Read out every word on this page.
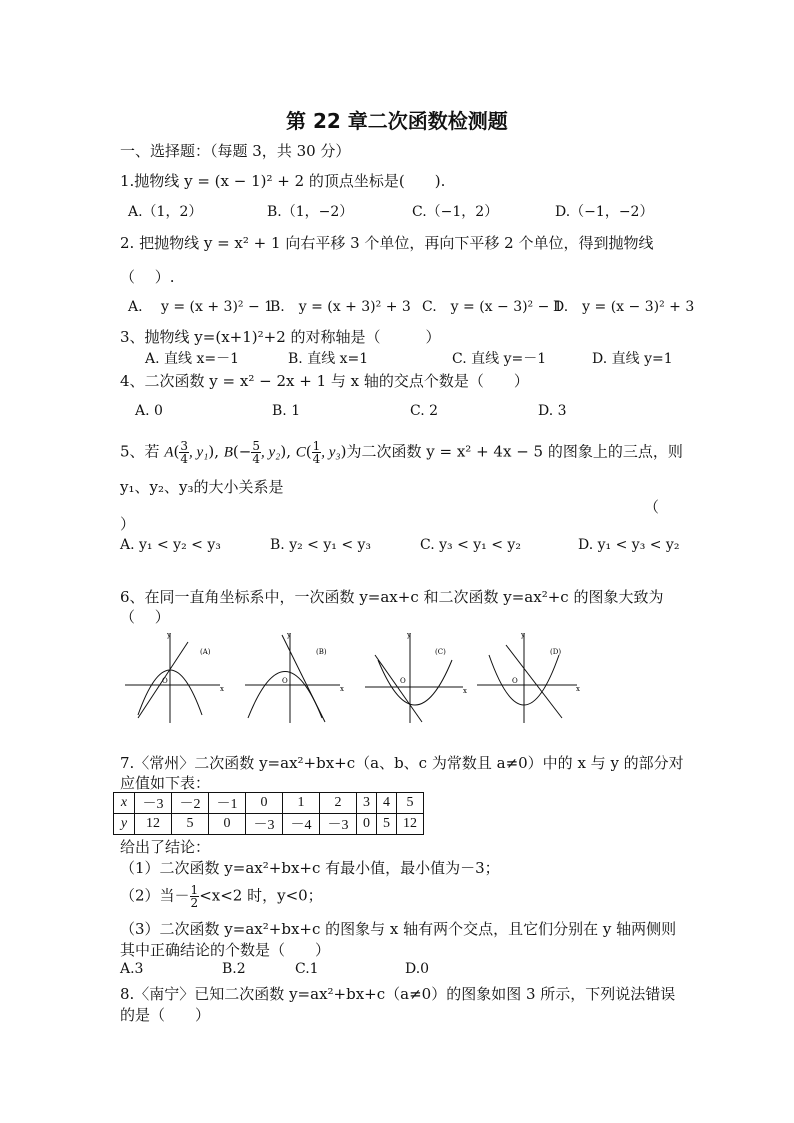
第 22 章二次函数检测题
一、选择题：（每题 3，共 30 分）
1.抛物线 y = (x − 1)² + 2 的顶点坐标是(　　).
A.（1，2）	B.（1，−2）	C.（−1，2）	D.（−1，−2）
2. 把抛物线 y = x² + 1 向右平移 3 个单位，再向下平移 2 个单位，得到抛物线
（　 ）.
A.　 y = (x + 3)² − 1
B.　y = (x + 3)² + 3 C.　y = (x − 3)² − 1
D.　y = (x − 3)² + 3
3、抛物线 y=(x+1)²+2 的对称轴是（　　　）
A. 直线 x=－1	B. 直线 x=1	C. 直线 y=－1	D. 直线 y=1
4、二次函数 y = x² − 2x + 1 与 x 轴的交点个数是（　　）
A. 0	B. 1	C. 2	D. 3
5、若 $A( \frac{3}{4}$ , y₁), $B(- \frac{5}{4}$ , y₂), $C( \frac{1}{4}$ , y₃)为二次函数 y = x² + 4x − 5 的图象上的三点，则
y₁、y₂、y₃的大小关系是
（
）
A. y₁ < y₂ < y₃	B. y₂ < y₁ < y₃	C. y₃ < y₁ < y₂	D. y₁ < y₃ < y₂
6、在同一直角坐标系中，一次函数 y=ax+c 和二次函数 y=ax²+c 的图象大致为
（　 ）
y
x
O
(A)
y
x
O
(B)
y
x
O
(C)
y
x
O
(D)
7.〈常州〉二次函数 y=ax²+bx+c（a、b、c 为常数且 a≠0）中的 x 与 y 的部分对
应值如下表：
x	－3	－2	－1	0	1	2	3	4	5
y	12	5	0	－3	－4	－3	0	5	12
给出了结论：
（1）二次函数 y=ax²+bx+c 有最小值，最小值为－3；
（2）当－ $\frac{1}{2} <x<2$ 时，y<0；
（3）二次函数 y=ax²+bx+c 的图象与 x 轴有两个交点，且它们分别在 y 轴两侧则
其中正确结论的个数是（　　）
A.3	B.2	C.1	D.0
8.〈南宁〉已知二次函数 y=ax²+bx+c（a≠0）的图象如图 3 所示，下列说法错误
的是（　　）
